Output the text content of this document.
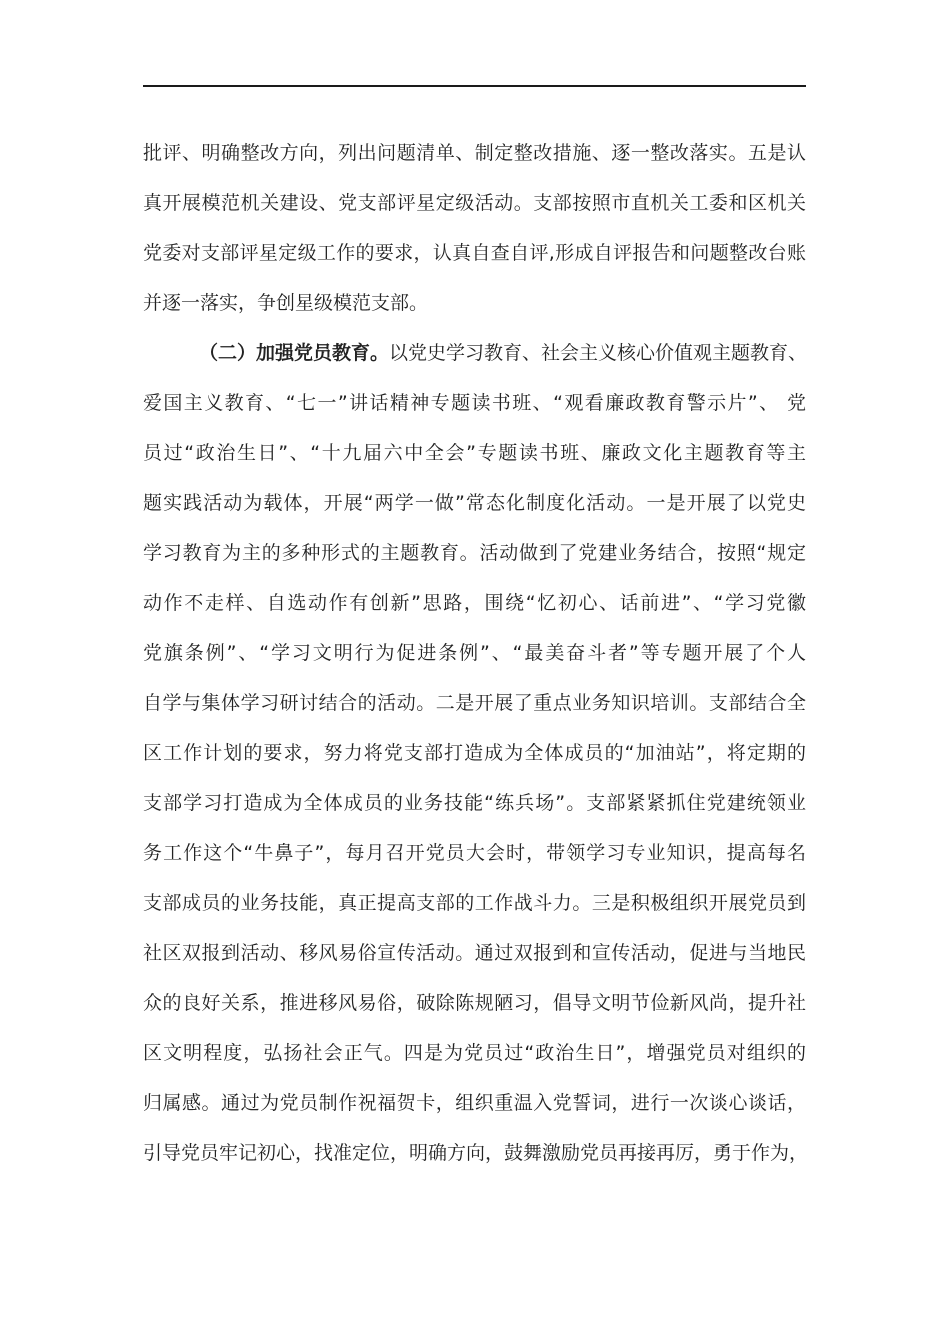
批评、明确整改方向，列出问题清单、制定整改措施、逐一整改落实。五是认
真开展模范机关建设、党支部评星定级活动。支部按照市直机关工委和区机关
党委对支部评星定级工作的要求，认真自查自评,形成自评报告和问题整改台账
并逐一落实，争创星级模范支部。
（二）加强党员教育。以党史学习教育、社会主义核心价值观主题教育、
爱国主义教育、“七一”讲话精神专题读书班、“观看廉政教育警示片”、 党
员过“政治生日”、“十九届六中全会”专题读书班、廉政文化主题教育等主
题实践活动为载体，开展“两学一做”常态化制度化活动。一是开展了以党史
学习教育为主的多种形式的主题教育。活动做到了党建业务结合，按照“规定
动作不走样、自选动作有创新”思路，围绕“忆初心、话前进”、“学习党徽
党旗条例”、“学习文明行为促进条例”、“最美奋斗者”等专题开展了个人
自学与集体学习研讨结合的活动。二是开展了重点业务知识培训。支部结合全
区工作计划的要求，努力将党支部打造成为全体成员的“加油站”，将定期的
支部学习打造成为全体成员的业务技能“练兵场”。支部紧紧抓住党建统领业
务工作这个“牛鼻子”，每月召开党员大会时，带领学习专业知识，提高每名
支部成员的业务技能，真正提高支部的工作战斗力。三是积极组织开展党员到
社区双报到活动、移风易俗宣传活动。通过双报到和宣传活动，促进与当地民
众的良好关系，推进移风易俗，破除陈规陋习，倡导文明节俭新风尚，提升社
区文明程度，弘扬社会正气。四是为党员过“政治生日”，增强党员对组织的
归属感。通过为党员制作祝福贺卡，组织重温入党誓词，进行一次谈心谈话，
引导党员牢记初心，找准定位，明确方向，鼓舞激励党员再接再厉，勇于作为，
